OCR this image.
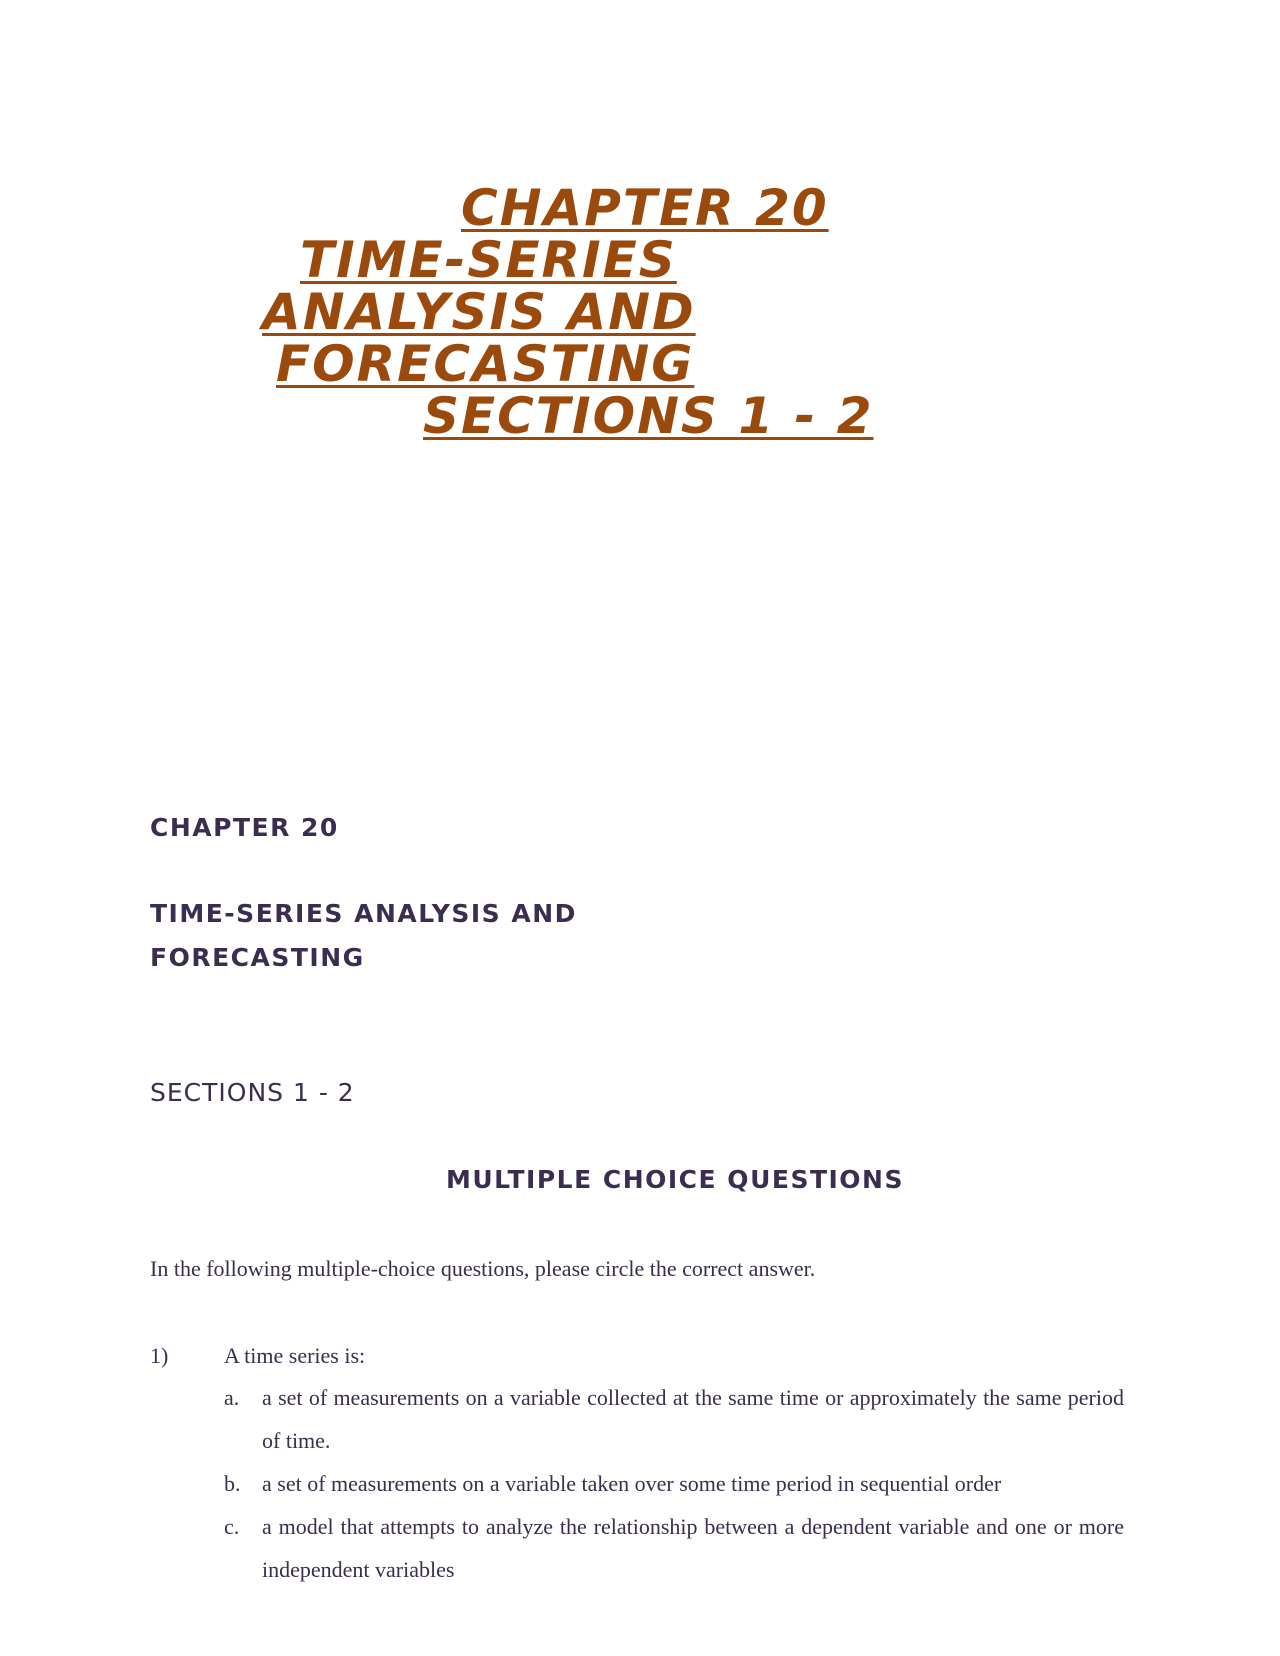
CHAPTER 20
TIME-SERIES
ANALYSIS AND
FORECASTING
SECTIONS 1 - 2
CHAPTER 20
TIME-SERIES ANALYSIS AND
FORECASTING
SECTIONS 1 - 2
MULTIPLE CHOICE QUESTIONS
In the following multiple-choice questions, please circle the correct answer.
1)	A time series is:
a. a set of measurements on a variable collected at the same time or approximately the same period of time.
b. a set of measurements on a variable taken over some time period in sequential order
c. a model that attempts to analyze the relationship between a dependent variable and one or more independent variables
